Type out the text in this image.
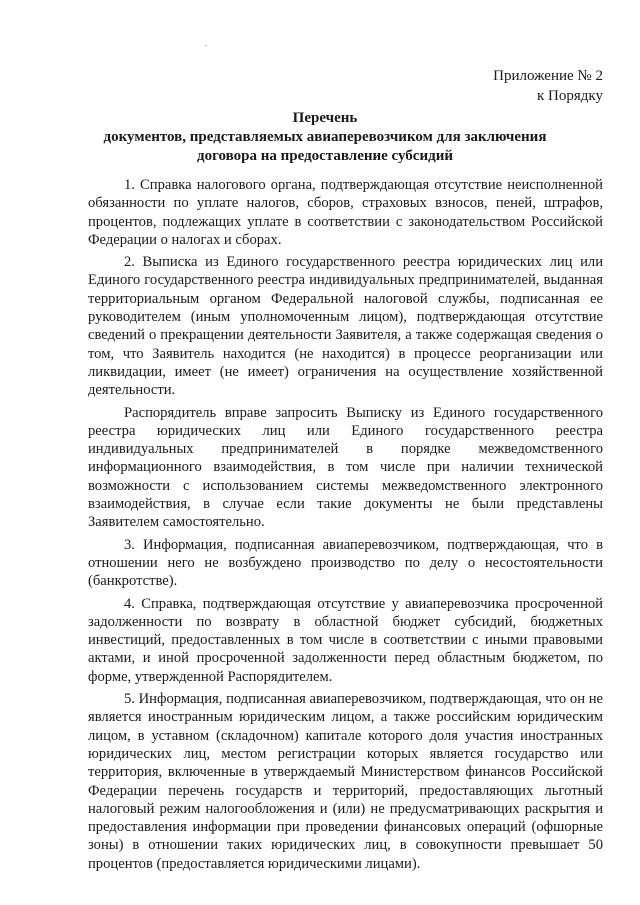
Приложение № 2
к Порядку
Перечень
документов, представляемых авиаперевозчиком для заключения
договора на предоставление субсидий

1. Справка налогового органа, подтверждающая отсутствие неисполненной обязанности по уплате налогов, сборов, страховых взносов, пеней, штрафов, процентов, подлежащих уплате в соответствии с законодательством Российской Федерации о налогах и сборах.

2. Выписка из Единого государственного реестра юридических лиц или Единого государственного реестра индивидуальных предпринимателей, выданная территориальным органом Федеральной налоговой службы, подписанная ее руководителем (иным уполномоченным лицом), подтверждающая отсутствие сведений о прекращении деятельности Заявителя, а также содержащая сведения о том, что Заявитель находится (не находится) в процессе реорганизации или ликвидации, имеет (не имеет) ограничения на осуществление хозяйственной деятельности.

Распорядитель вправе запросить Выписку из Единого государственного реестра юридических лиц или Единого государственного реестра индивидуальных предпринимателей в порядке межведомственного информационного взаимодействия, в том числе при наличии технической возможности с использованием системы межведомственного электронного взаимодействия, в случае если такие документы не были представлены Заявителем самостоятельно.

3. Информация, подписанная авиаперевозчиком, подтверждающая, что в отношении него не возбуждено производство по делу о несостоятельности (банкротстве).

4. Справка, подтверждающая отсутствие у авиаперевозчика просроченной задолженности по возврату в областной бюджет субсидий, бюджетных инвестиций, предоставленных в том числе в соответствии с иными правовыми актами, и иной просроченной задолженности перед областным бюджетом, по форме, утвержденной Распорядителем.

5. Информация, подписанная авиаперевозчиком, подтверждающая, что он не является иностранным юридическим лицом, а также российским юридическим лицом, в уставном (складочном) капитале которого доля участия иностранных юридических лиц, местом регистрации которых является государство или территория, включенные в утверждаемый Министерством финансов Российской Федерации перечень государств и территорий, предоставляющих льготный налоговый режим налогообложения и (или) не предусматривающих раскрытия и предоставления информации при проведении финансовых операций (офшорные зоны) в отношении таких юридических лиц, в совокупности превышает 50 процентов (предоставляется юридическими лицами).
